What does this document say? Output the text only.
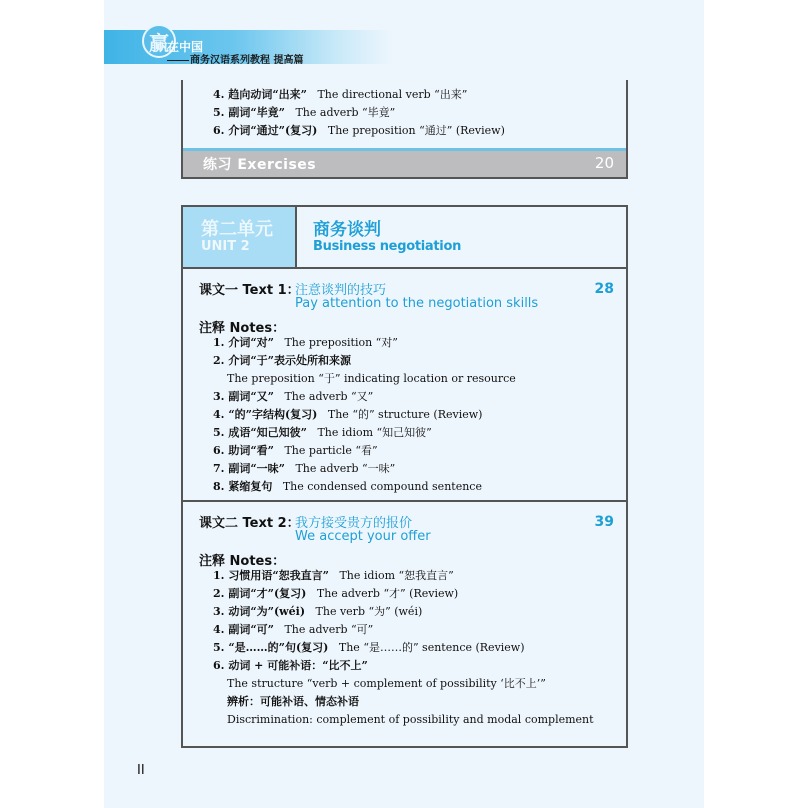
赢
在中国
商务汉语系列教程 提高篇
4. 趋向动词“出来” The directional verb “出来”
5. 副词“毕竟” The adverb “毕竟”
6. 介词“通过”(复习) The preposition “通过” (Review)
练习 Exercises	20
第二单元
UNIT 2
商务谈判
Business negotiation
课文一 Text 1：
注意谈判的技巧
Pay attention to the negotiation skills
28
注释 Notes：
1. 介词“对” The preposition “对”
2. 介词“于”表示处所和来源
The preposition “于” indicating location or resource
3. 副词“又” The adverb “又”
4. “的”字结构(复习) The “的” structure (Review)
5. 成语“知己知彼” The idiom “知己知彼”
6. 助词“看” The particle “看”
7. 副词“一味” The adverb “一味”
8. 紧缩复句 The condensed compound sentence
课文二 Text 2：
我方接受贵方的报价
We accept your offer
39
注释 Notes：
1. 习惯用语“恕我直言” The idiom “恕我直言”
2. 副词“才”(复习) The adverb “才” (Review)
3. 动词“为”(wéi) The verb “为” (wéi)
4. 副词“可” The adverb “可”
5. “是……的”句(复习) The “是……的” sentence (Review)
6. 动词 + 可能补语：“比不上”
The structure “verb + complement of possibility ‘比不上’”
辨析：可能补语、情态补语
Discrimination: complement of possibility and modal complement
II
